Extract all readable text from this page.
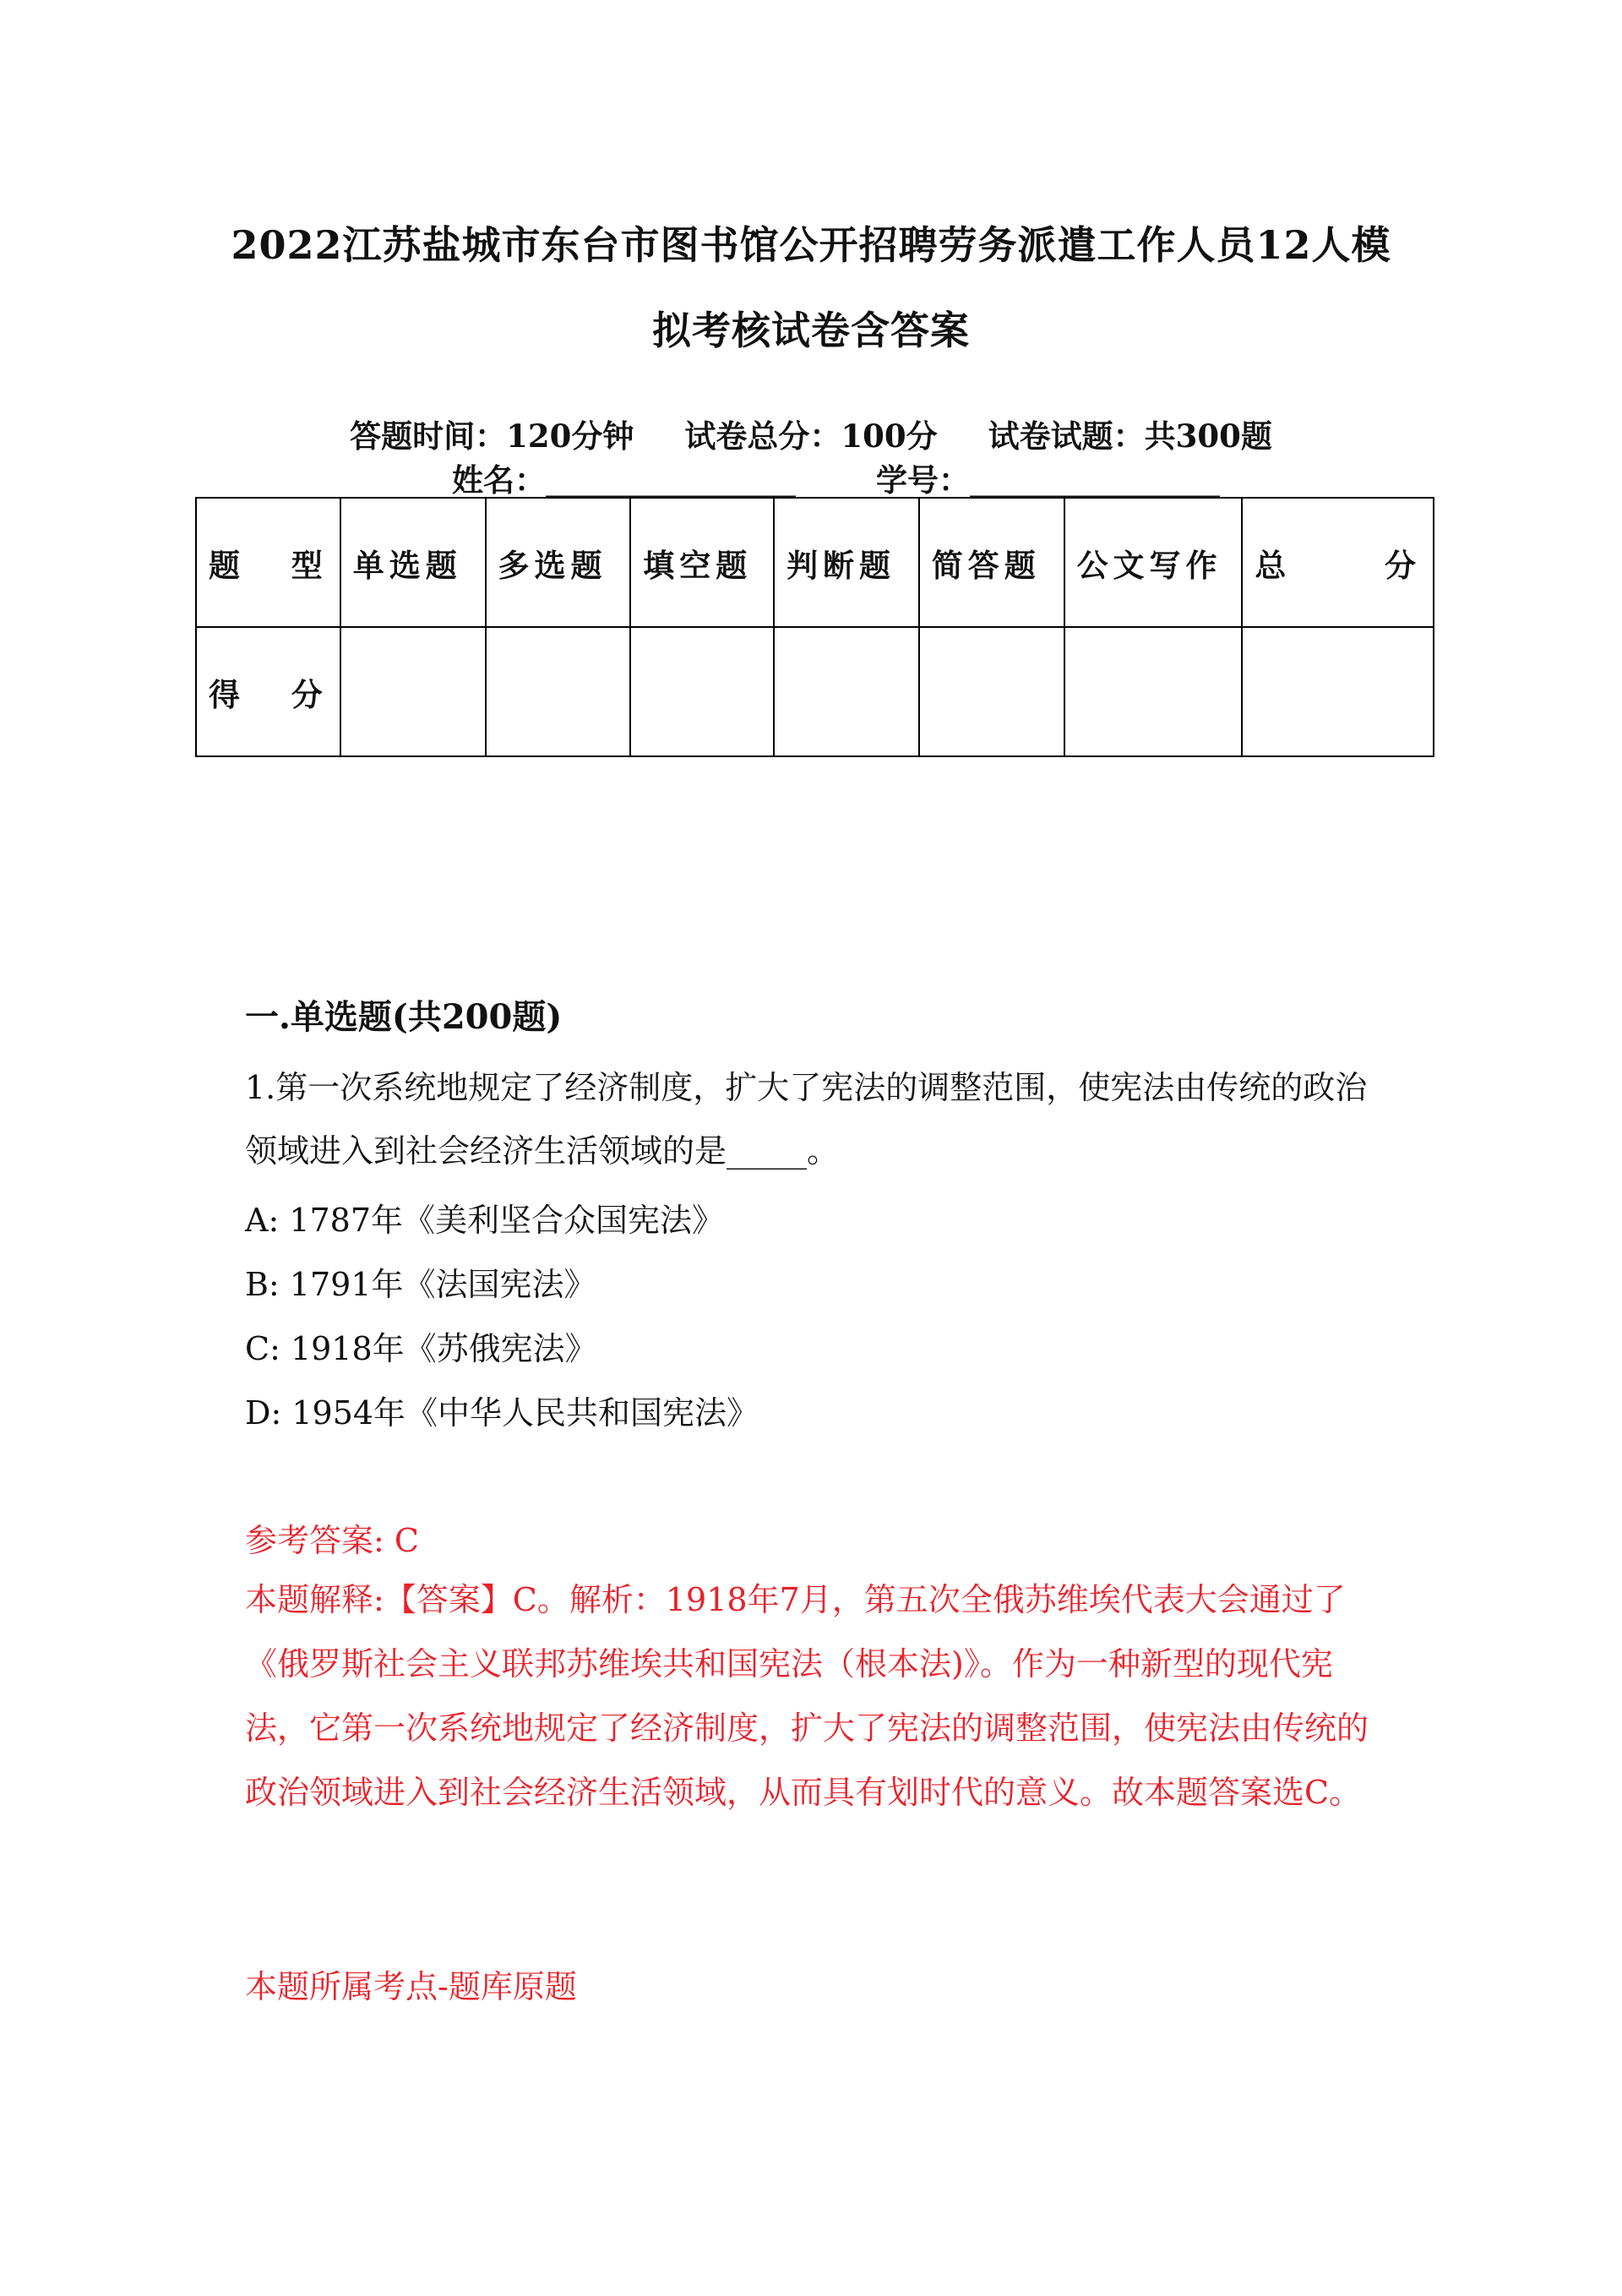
2022江苏盐城市东台市图书馆公开招聘劳务派遣工作人员12人模
拟考核试卷含答案
答题时间：120分钟 试卷总分：100分 试卷试题：共300题
姓名：________________	学号：________________
题　型	单选题	多选题	填空题	判断题	简答题	公文写作	总　　分
得　分							
一.单选题(共200题)
1.第一次系统地规定了经济制度，扩大了宪法的调整范围，使宪法由传统的政治领域进入到社会经济生活领域的是_____。
A: 1787年《美利坚合众国宪法》
B: 1791年《法国宪法》
C: 1918年《苏俄宪法》
D: 1954年《中华人民共和国宪法》
参考答案: C
本题解释:【答案】C。解析：1918年7月，第五次全俄苏维埃代表大会通过了《俄罗斯社会主义联邦苏维埃共和国宪法（根本法)》。作为一种新型的现代宪法，它第一次系统地规定了经济制度，扩大了宪法的调整范围，使宪法由传统的政治领域进入到社会经济生活领域，从而具有划时代的意义。故本题答案选C。
本题所属考点-题库原题
